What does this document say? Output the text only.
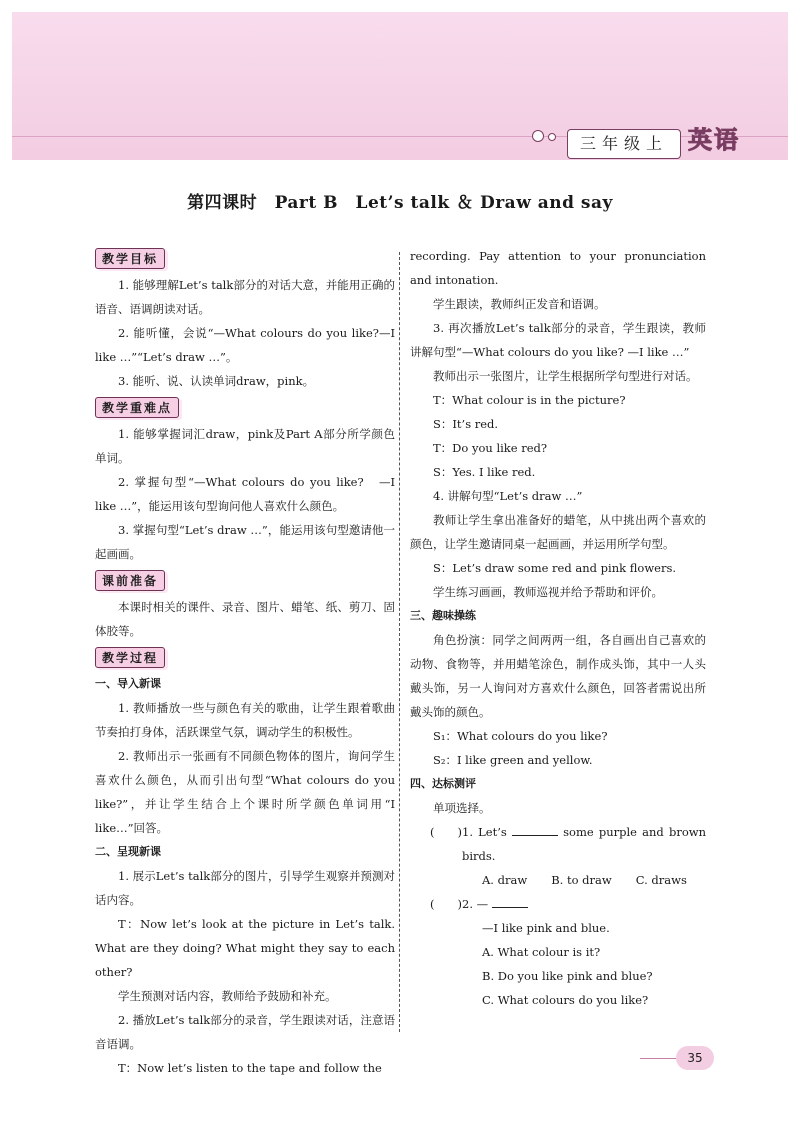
三年级上 英语
第四课时　Part B　Let’s talk ＆ Draw and say
教学目标

1. 能够理解Let’s talk部分的对话大意，并能用正确的语音、语调朗读对话。

2. 能听懂，会说“—What colours do you like?—I like …”“Let’s draw …”。

3. 能听、说、认读单词draw，pink。

教学重难点

1. 能够掌握词汇draw，pink及Part A部分所学颜色单词。

2. 掌握句型“—What colours do you like?　—I like …”，能运用该句型询问他人喜欢什么颜色。

3. 掌握句型“Let’s draw …”，能运用该句型邀请他一起画画。

课前准备

本课时相关的课件、录音、图片、蜡笔、纸、剪刀、固体胶等。

教学过程

一、导入新课

1. 教师播放一些与颜色有关的歌曲，让学生跟着歌曲节奏拍打身体，活跃课堂气氛，调动学生的积极性。

2. 教师出示一张画有不同颜色物体的图片，询问学生喜欢什么颜色，从而引出句型“What colours do you like?”，并让学生结合上个课时所学颜色单词用“I like…”回答。

二、呈现新课

1. 展示Let’s talk部分的图片，引导学生观察并预测对话内容。

T：Now let’s look at the picture in Let’s talk. What are they doing? What might they say to each other?

学生预测对话内容，教师给予鼓励和补充。

2. 播放Let’s talk部分的录音，学生跟读对话，注意语音语调。

T：Now let’s listen to the tape and follow the

recording. Pay attention to your pronunciation and intonation.

学生跟读，教师纠正发音和语调。

3. 再次播放Let’s talk部分的录音，学生跟读，教师讲解句型“—What colours do you like? —I like …”

教师出示一张图片，让学生根据所学句型进行对话。

T：What colour is in the picture?

S：It’s red.

T：Do you like red?

S：Yes. I like red.

4. 讲解句型“Let’s draw …”

教师让学生拿出准备好的蜡笔，从中挑出两个喜欢的颜色，让学生邀请同桌一起画画，并运用所学句型。

S：Let’s draw some red and pink flowers.

学生练习画画，教师巡视并给予帮助和评价。

三、趣味操练

角色扮演：同学之间两两一组，各自画出自己喜欢的动物、食物等，并用蜡笔涂色，制作成头饰，其中一人头戴头饰，另一人询问对方喜欢什么颜色，回答者需说出所戴头饰的颜色。

S₁：What colours do you like?

S₂：I like green and yellow.

四、达标测评

单项选择。

(　　) 1. Let’s	some purple and brown birds.
A. draw B. to draw C. draws
(　　) 2. —
—I like pink and blue.
A. What colour is it?
B. Do you like pink and blue?
C. What colours do you like?
35
